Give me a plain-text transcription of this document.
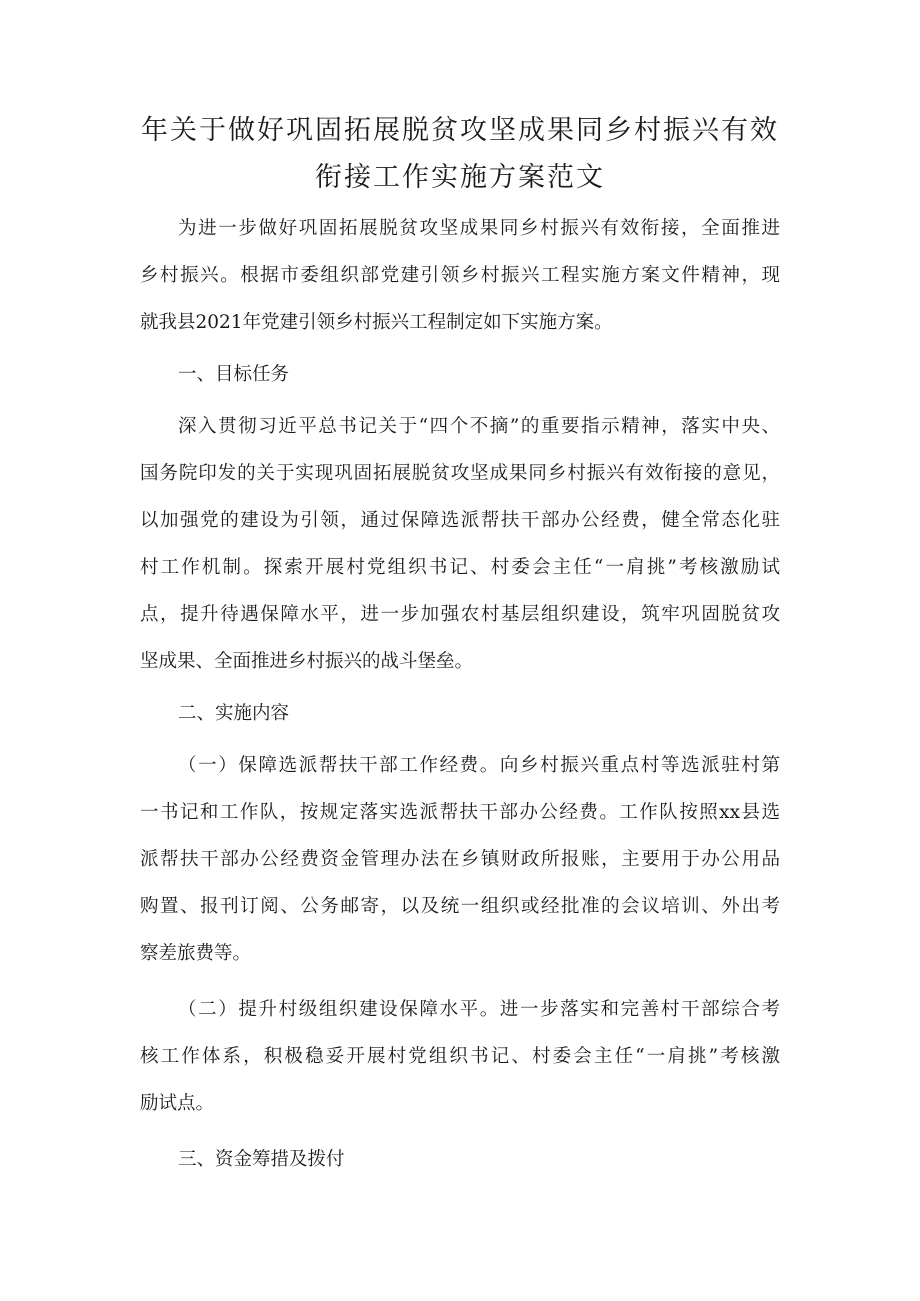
年关于做好巩固拓展脱贫攻坚成果同乡村振兴有效
衔接工作实施方案范文
为进一步做好巩固拓展脱贫攻坚成果同乡村振兴有效衔接，全面推进
乡村振兴。根据市委组织部党建引领乡村振兴工程实施方案文件精神，现
就我县2021年党建引领乡村振兴工程制定如下实施方案。
一、目标任务
深入贯彻习近平总书记关于“四个不摘”的重要指示精神，落实中央、
国务院印发的关于实现巩固拓展脱贫攻坚成果同乡村振兴有效衔接的意见，
以加强党的建设为引领，通过保障选派帮扶干部办公经费，健全常态化驻
村工作机制。探索开展村党组织书记、村委会主任“一肩挑”考核激励试
点，提升待遇保障水平，进一步加强农村基层组织建设，筑牢巩固脱贫攻
坚成果、全面推进乡村振兴的战斗堡垒。
二、实施内容
（一）保障选派帮扶干部工作经费。向乡村振兴重点村等选派驻村第
一书记和工作队，按规定落实选派帮扶干部办公经费。工作队按照xx县选
派帮扶干部办公经费资金管理办法在乡镇财政所报账，主要用于办公用品
购置、报刊订阅、公务邮寄，以及统一组织或经批准的会议培训、外出考
察差旅费等。
（二）提升村级组织建设保障水平。进一步落实和完善村干部综合考
核工作体系，积极稳妥开展村党组织书记、村委会主任“一肩挑”考核激
励试点。
三、资金筹措及拨付
